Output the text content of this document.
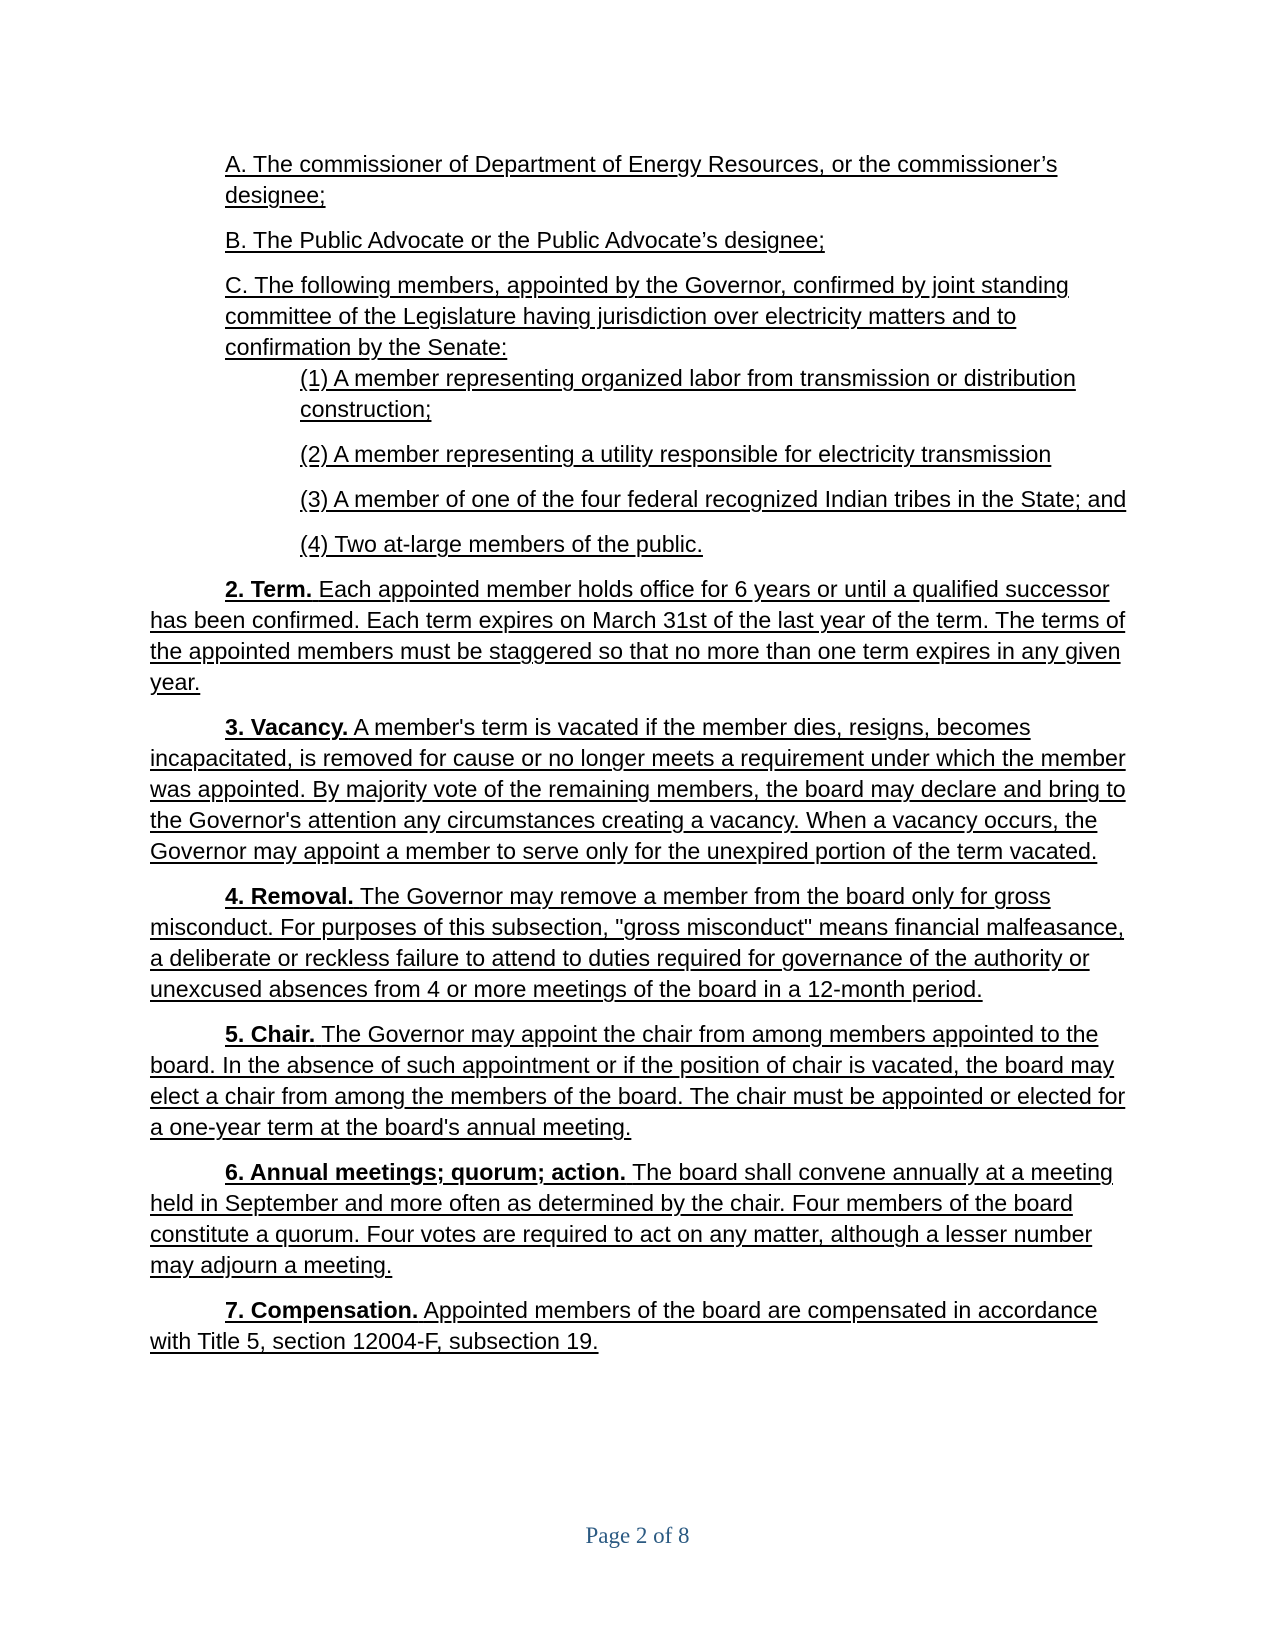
A. The commissioner of Department of Energy Resources, or the commissioner’s designee;

B. The Public Advocate or the Public Advocate’s designee;

C. The following members, appointed by the Governor, confirmed by joint standing committee of the Legislature having jurisdiction over electricity matters and to confirmation by the Senate:

(1) A member representing organized labor from transmission or distribution construction;

(2) A member representing a utility responsible for electricity transmission

(3) A member of one of the four federal recognized Indian tribes in the State; and

(4) Two at-large members of the public.

2. Term. Each appointed member holds office for 6 years or until a qualified successor has been confirmed. Each term expires on March 31st of the last year of the term. The terms of the appointed members must be staggered so that no more than one term expires in any given year.

3. Vacancy. A member's term is vacated if the member dies, resigns, becomes incapacitated, is removed for cause or no longer meets a requirement under which the member was appointed. By majority vote of the remaining members, the board may declare and bring to the Governor's attention any circumstances creating a vacancy. When a vacancy occurs, the Governor may appoint a member to serve only for the unexpired portion of the term vacated.

4. Removal. The Governor may remove a member from the board only for gross misconduct. For purposes of this subsection, "gross misconduct" means financial malfeasance, a deliberate or reckless failure to attend to duties required for governance of the authority or unexcused absences from 4 or more meetings of the board in a 12-month period.

5. Chair. The Governor may appoint the chair from among members appointed to the board. In the absence of such appointment or if the position of chair is vacated, the board may elect a chair from among the members of the board. The chair must be appointed or elected for a one-year term at the board's annual meeting.

6. Annual meetings; quorum; action. The board shall convene annually at a meeting held in September and more often as determined by the chair. Four members of the board constitute a quorum. Four votes are required to act on any matter, although a lesser number may adjourn a meeting.

7. Compensation. Appointed members of the board are compensated in accordance with Title 5, section 12004-F, subsection 19.

Page 2 of 8
